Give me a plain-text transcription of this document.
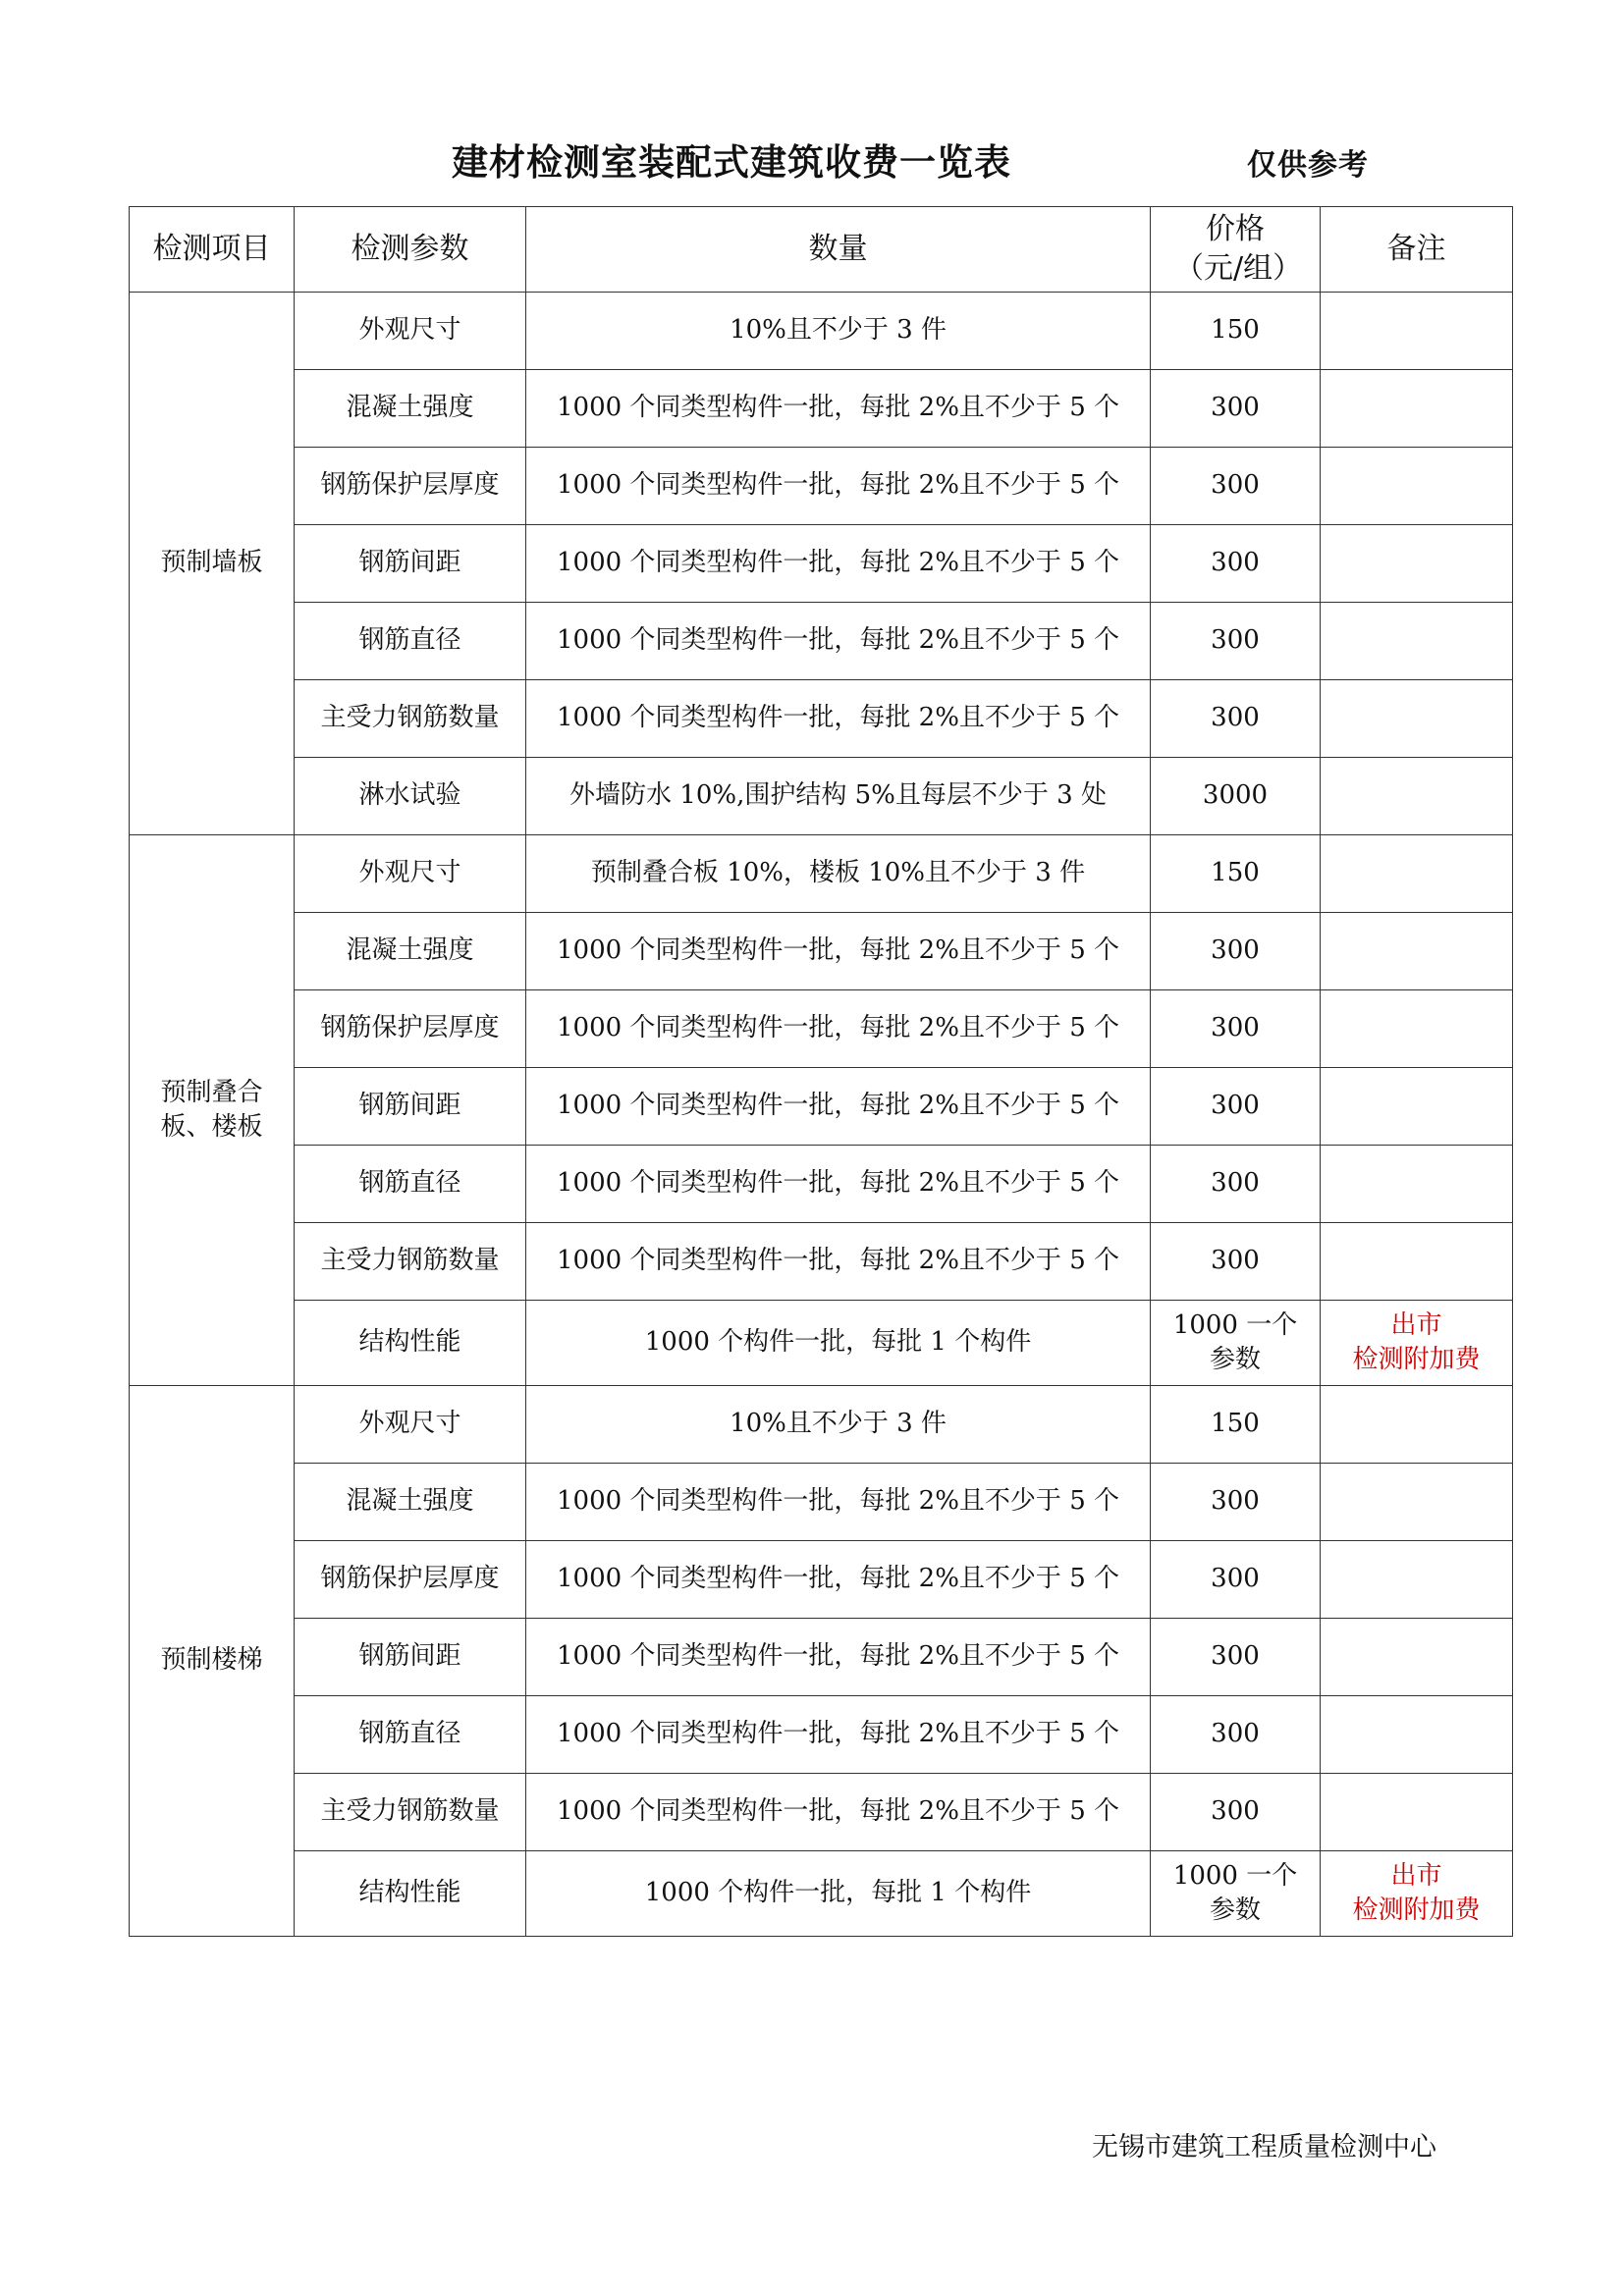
建材检测室装配式建筑收费一览表	仅供参考
检测项目	检测参数	数量	价格（元/组）	备注
预制墙板	外观尺寸	10%且不少于 3 件	150	
	混凝土强度	1000 个同类型构件一批，每批 2%且不少于 5 个	300	
	钢筋保护层厚度	1000 个同类型构件一批，每批 2%且不少于 5 个	300	
	钢筋间距	1000 个同类型构件一批，每批 2%且不少于 5 个	300	
	钢筋直径	1000 个同类型构件一批，每批 2%且不少于 5 个	300	
	主受力钢筋数量	1000 个同类型构件一批，每批 2%且不少于 5 个	300	
	淋水试验	外墙防水 10%,围护结构 5%且每层不少于 3 处	3000	
预制叠合板、楼板	外观尺寸	预制叠合板 10%，楼板 10%且不少于 3 件	150	
	混凝土强度	1000 个同类型构件一批，每批 2%且不少于 5 个	300	
	钢筋保护层厚度	1000 个同类型构件一批，每批 2%且不少于 5 个	300	
	钢筋间距	1000 个同类型构件一批，每批 2%且不少于 5 个	300	
	钢筋直径	1000 个同类型构件一批，每批 2%且不少于 5 个	300	
	主受力钢筋数量	1000 个同类型构件一批，每批 2%且不少于 5 个	300	
	结构性能	1000 个构件一批，每批 1 个构件	1000 一个参数	出市
检测附加费

预制楼梯	外观尺寸	10%且不少于 3 件	150	
	混凝土强度	1000 个同类型构件一批，每批 2%且不少于 5 个	300	
	钢筋保护层厚度	1000 个同类型构件一批，每批 2%且不少于 5 个	300	
	钢筋间距	1000 个同类型构件一批，每批 2%且不少于 5 个	300	
	钢筋直径	1000 个同类型构件一批，每批 2%且不少于 5 个	300	
	主受力钢筋数量	1000 个同类型构件一批，每批 2%且不少于 5 个	300	
	结构性能	1000 个构件一批，每批 1 个构件	1000 一个参数	出市
检测附加费
无锡市建筑工程质量检测中心
